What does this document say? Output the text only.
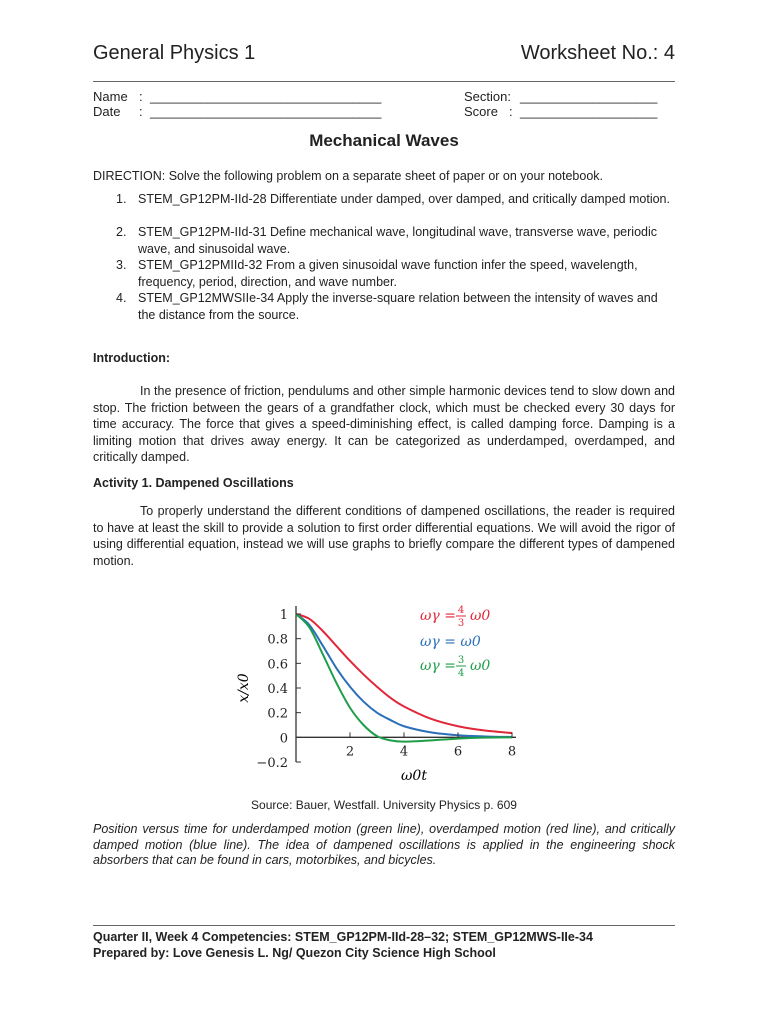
General Physics 1	Worksheet No.: 4
Name : ________________________________
Date : ________________________________
Section: ___________________
Score : ___________________
Mechanical Waves
DIRECTION: Solve the following problem on a separate sheet of paper or on your notebook.
1. STEM_GP12PM-IId-28 Differentiate under damped, over damped, and critically damped motion.
2. STEM_GP12PM-IId-31 Define mechanical wave, longitudinal wave, transverse wave, periodic wave, and sinusoidal wave.
3. STEM_GP12PMIId-32 From a given sinusoidal wave function infer the speed, wavelength, frequency, period, direction, and wave number.
4. STEM_GP12MWSIIe-34 Apply the inverse-square relation between the intensity of waves and the distance from the source.
Introduction:
In the presence of friction, pendulums and other simple harmonic devices tend to slow down and stop. The friction between the gears of a grandfather clock, which must be checked every 30 days for time accuracy. The force that gives a speed-diminishing effect, is called damping force. Damping is a limiting motion that drives away energy. It can be categorized as underdamped, overdamped, and critically damped.
Activity 1. Dampened Oscillations
To properly understand the different conditions of dampened oscillations, the reader is required to have at least the skill to provide a solution to first order differential equations. We will avoid the rigor of using differential equation, instead we will use graphs to briefly compare the different types of dampened motion.
1
0.8
0.6
0.4
0.2
0
−0.2
2	4	6	8
x/x0
ω0t
ωγ = 4
3 ω0
ωγ = ω0
ωγ = 3
4 ω0
Source: Bauer, Westfall. University Physics p. 609
Position versus time for underdamped motion (green line), overdamped motion (red line), and critically damped motion (blue line). The idea of dampened oscillations is applied in the engineering shock absorbers that can be found in cars, motorbikes, and bicycles.
Quarter II, Week 4 Competencies: STEM_GP12PM-IId-28–32; STEM_GP12MWS-IIe-34
Prepared by: Love Genesis L. Ng/ Quezon City Science High School
